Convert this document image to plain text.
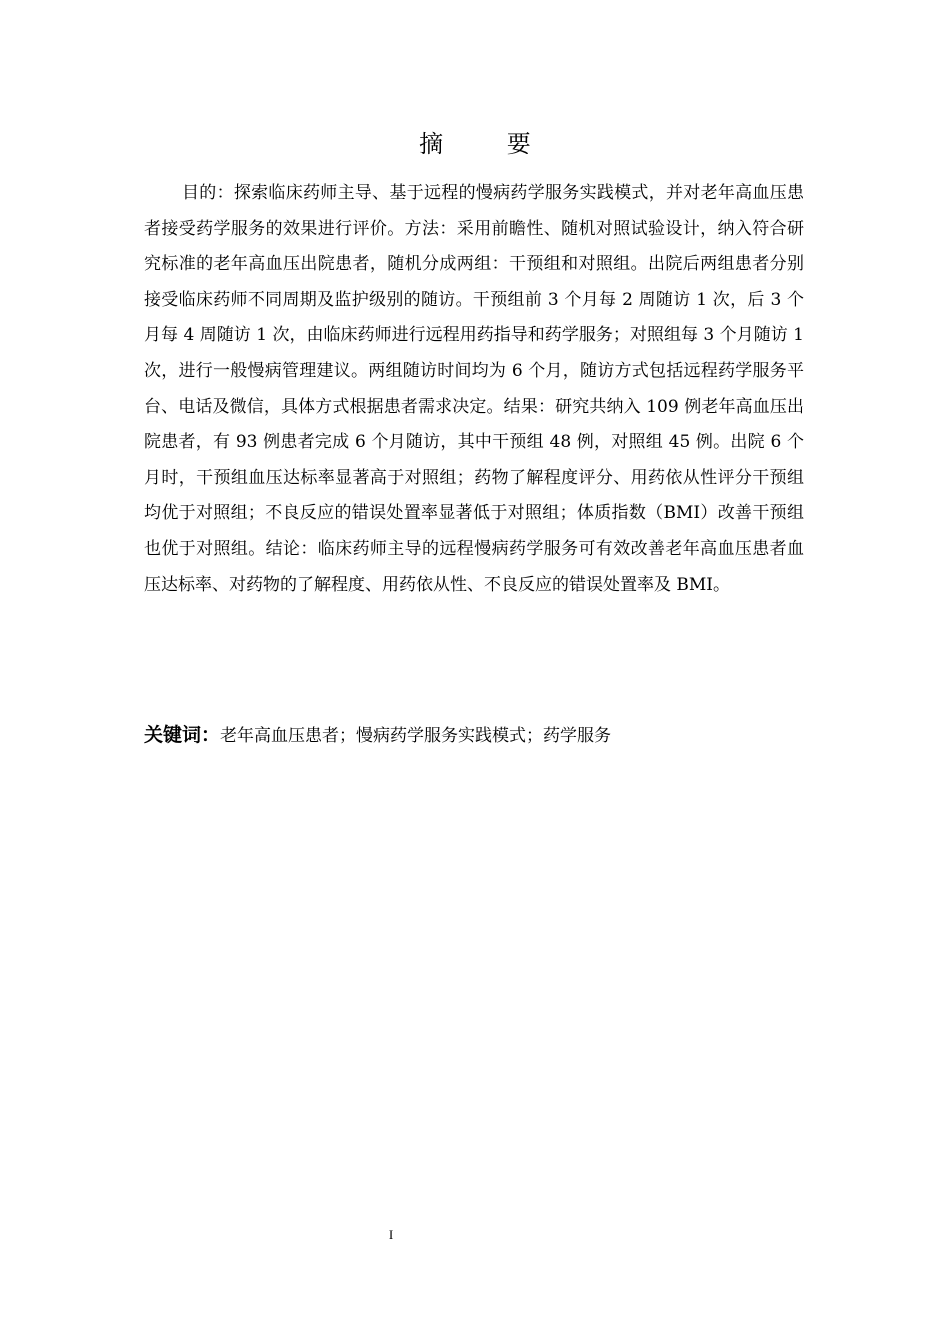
摘 要

目的：探索临床药师主导、基于远程的慢病药学服务实践模式，并对老年高血压患者接受药学服务的效果进行评价。方法：采用前瞻性、随机对照试验设计，纳入符合研究标准的老年高血压出院患者，随机分成两组：干预组和对照组。出院后两组患者分别接受临床药师不同周期及监护级别的随访。干预组前 3 个月每 2 周随访 1 次，后 3 个月每 4 周随访 1 次，由临床药师进行远程用药指导和药学服务；对照组每 3 个月随访 1 次，进行一般慢病管理建议。两组随访时间均为 6 个月，随访方式包括远程药学服务平台、电话及微信，具体方式根据患者需求决定。结果：研究共纳入 109 例老年高血压出院患者，有 93 例患者完成 6 个月随访，其中干预组 48 例，对照组 45 例。出院 6 个月时，干预组血压达标率显著高于对照组；药物了解程度评分、用药依从性评分干预组均优于对照组；不良反应的错误处置率显著低于对照组；体质指数（BMI）改善干预组也优于对照组。结论：临床药师主导的远程慢病药学服务可有效改善老年高血压患者血压达标率、对药物的了解程度、用药依从性、不良反应的错误处置率及 BMI。

关键词：老年高血压患者；慢病药学服务实践模式；药学服务

I
